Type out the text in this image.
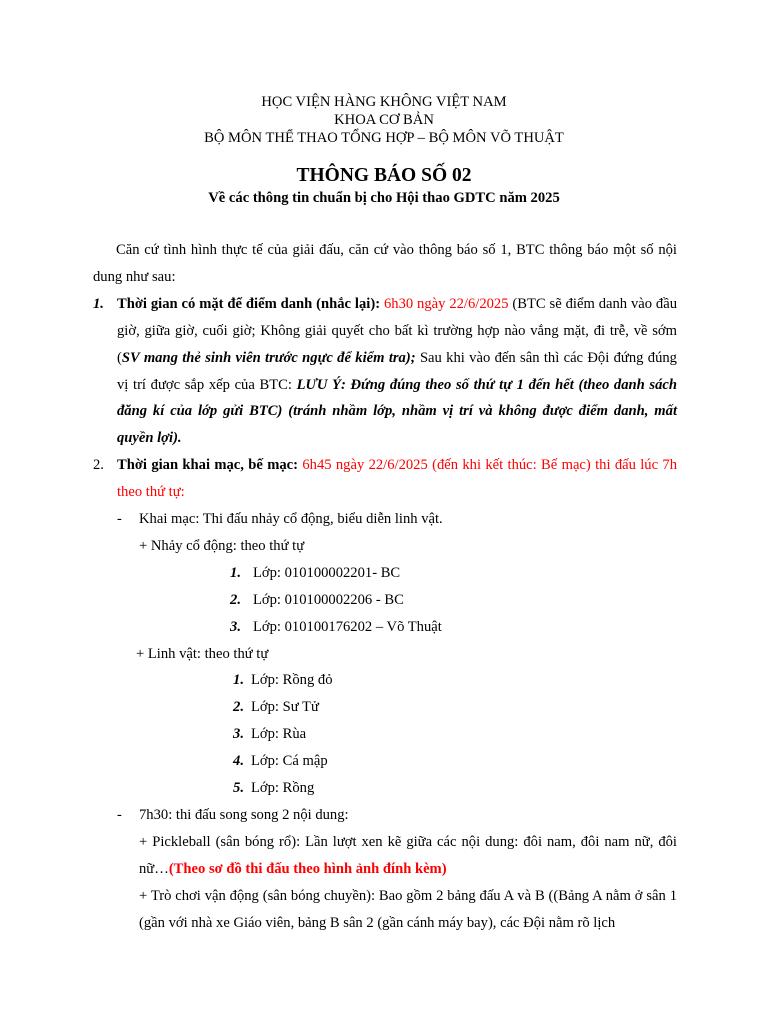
HỌC VIỆN HÀNG KHÔNG VIỆT NAM
KHOA CƠ BẢN
BỘ MÔN THỂ THAO TỔNG HỢP – BỘ MÔN VÕ THUẬT
THÔNG BÁO SỐ 02
Về các thông tin chuẩn bị cho Hội thao GDTC năm 2025

Căn cứ tình hình thực tế của giải đấu, căn cứ vào thông báo số 1, BTC thông báo một số nội dung như sau:

1. Thời gian có mặt để điểm danh (nhắc lại): 6h30 ngày 22/6/2025 (BTC sẽ điểm danh vào đầu giờ, giữa giờ, cuối giờ; Không giải quyết cho bất kì trường hợp nào vắng mặt, đi trễ, về sớm (SV mang thẻ sinh viên trước ngực để kiểm tra); Sau khi vào đến sân thì các Đội đứng đúng vị trí được sắp xếp của BTC: LƯU Ý: Đứng đúng theo số thứ tự 1 đến hết (theo danh sách đăng kí của lớp gửi BTC) (tránh nhầm lớp, nhầm vị trí và không được điểm danh, mất quyền lợi).
2. Thời gian khai mạc, bế mạc: 6h45 ngày 22/6/2025 (đến khi kết thúc: Bế mạc) thi đấu lúc 7h theo thứ tự:
- Khai mạc: Thi đấu nhảy cổ động, biểu diễn linh vật.
+ Nhảy cổ động: theo thứ tự
1. Lớp: 010100002201- BC
2. Lớp: 010100002206 - BC
3. Lớp: 010100176202 – Võ Thuật
+ Linh vật: theo thứ tự
1. Lớp: Rồng đỏ
2. Lớp: Sư Tử
3. Lớp: Rùa
4. Lớp: Cá mập
5. Lớp: Rồng
- 7h30: thi đấu song song 2 nội dung:
+ Pickleball (sân bóng rổ): Lần lượt xen kẽ giữa các nội dung: đôi nam, đôi nam nữ, đôi nữ…(Theo sơ đồ thi đấu theo hình ảnh đính kèm)
+ Trò chơi vận động (sân bóng chuyền): Bao gồm 2 bảng đấu A và B ((Bảng A nằm ở sân 1 (gần với nhà xe Giáo viên, bảng B sân 2 (gần cánh máy bay), các Đội nằm rõ lịch
